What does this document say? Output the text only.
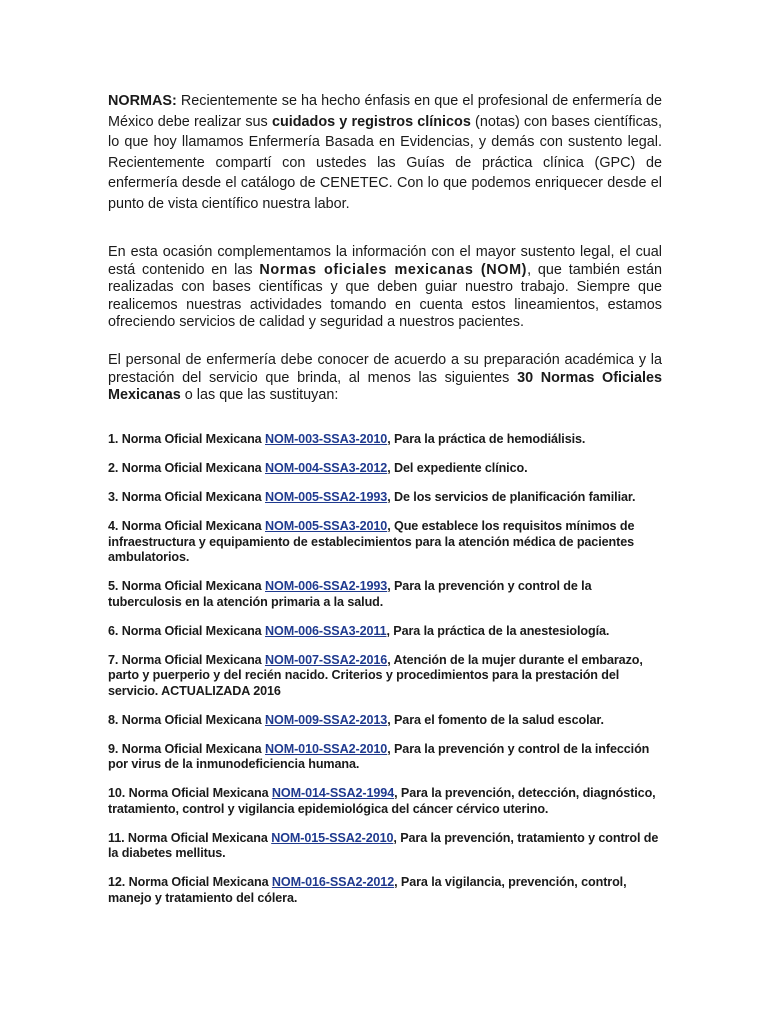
NORMAS: Recientemente se ha hecho énfasis en que el profesional de enfermería de México debe realizar sus cuidados y registros clínicos (notas) con bases científicas, lo que hoy llamamos Enfermería Basada en Evidencias, y demás con sustento legal. Recientemente compartí con ustedes las Guías de práctica clínica (GPC) de enfermería desde el catálogo de CENETEC. Con lo que podemos enriquecer desde el punto de vista científico nuestra labor.

En esta ocasión complementamos la información con el mayor sustento legal, el cual está contenido en las Normas oficiales mexicanas (NOM), que también están realizadas con bases científicas y que deben guiar nuestro trabajo. Siempre que realicemos nuestras actividades tomando en cuenta estos lineamientos, estamos ofreciendo servicios de calidad y seguridad a nuestros pacientes.

El personal de enfermería debe conocer de acuerdo a su preparación académica y la prestación del servicio que brinda, al menos las siguientes 30 Normas Oficiales Mexicanas o las que las sustituyan:

1. Norma Oficial Mexicana NOM-003-SSA3-2010, Para la práctica de hemodiálisis.
2. Norma Oficial Mexicana NOM-004-SSA3-2012, Del expediente clínico.
3. Norma Oficial Mexicana NOM-005-SSA2-1993, De los servicios de planificación familiar.
4. Norma Oficial Mexicana NOM-005-SSA3-2010, Que establece los requisitos mínimos de infraestructura y equipamiento de establecimientos para la atención médica de pacientes ambulatorios.
5. Norma Oficial Mexicana NOM-006-SSA2-1993, Para la prevención y control de la tuberculosis en la atención primaria a la salud.
6. Norma Oficial Mexicana NOM-006-SSA3-2011, Para la práctica de la anestesiología.
7. Norma Oficial Mexicana NOM-007-SSA2-2016, Atención de la mujer durante el embarazo, parto y puerperio y del recién nacido. Criterios y procedimientos para la prestación del servicio. ACTUALIZADA 2016
8. Norma Oficial Mexicana NOM-009-SSA2-2013, Para el fomento de la salud escolar.
9. Norma Oficial Mexicana NOM-010-SSA2-2010, Para la prevención y control de la infección por virus de la inmunodeficiencia humana.
10. Norma Oficial Mexicana NOM-014-SSA2-1994, Para la prevención, detección, diagnóstico, tratamiento, control y vigilancia epidemiológica del cáncer cérvico uterino.
11. Norma Oficial Mexicana NOM-015-SSA2-2010, Para la prevención, tratamiento y control de la diabetes mellitus.
12. Norma Oficial Mexicana NOM-016-SSA2-2012, Para la vigilancia, prevención, control, manejo y tratamiento del cólera.
